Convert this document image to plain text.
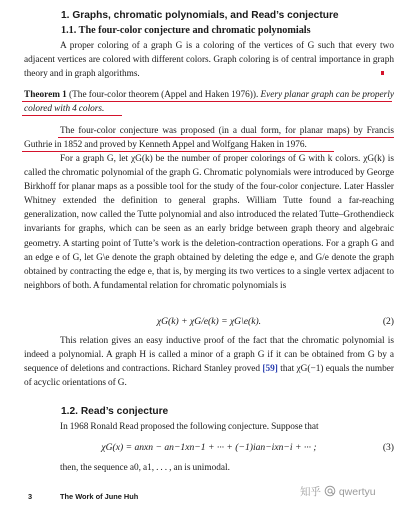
1. Graphs, chromatic polynomials, and Read’s conjecture
1.1. The four-color conjecture and chromatic polynomials
A proper coloring of a graph G is a coloring of the vertices of G such that every two adjacent vertices are colored with different colors. Graph coloring is of central importance in graph theory and in graph algorithms.
Theorem 1 (The four-color theorem (Appel and Haken 1976)). Every planar graph can be properly colored with 4 colors.
The four-color conjecture was proposed (in a dual form, for planar maps) by Francis Guthrie in 1852 and proved by Kenneth Appel and Wolfgang Haken in 1976.
For a graph G, let χG(k) be the number of proper colorings of G with k colors. χG(k) is called the chromatic polynomial of the graph G. Chromatic polynomials were introduced by George Birkhoff for planar maps as a possible tool for the study of the four-color conjecture. Later Hassler Whitney extended the definition to general graphs. William Tutte found a far-reaching generalization, now called the Tutte polynomial and also introduced the related Tutte–Grothendieck invariants for graphs, which can be seen as an early bridge between graph theory and algebraic geometry. A starting point of Tutte’s work is the deletion-contraction operations. For a graph G and an edge e of G, let G\e denote the graph obtained by deleting the edge e, and G/e denote the graph obtained by contracting the edge e, that is, by merging its two vertices to a single vertex adjacent to neighbors of both. A fundamental relation for chromatic polynomials is
χG(k) + χG/e(k) = χG\e(k).	(2)
This relation gives an easy inductive proof of the fact that the chromatic polynomial is indeed a polynomial. A graph H is called a minor of a graph G if it can be obtained from G by a sequence of deletions and contractions. Richard Stanley proved [59] that χG(−1) equals the number of acyclic orientations of G.
1.2. Read’s conjecture
In 1968 Ronald Read proposed the following conjecture. Suppose that
χG(x) = anxn − an−1xn−1 + ··· + (−1)ian−ixn−i + ··· ;	(3)
then, the sequence a0, a1, . . . , an is unimodal.
3	The Work of June Huh	知乎 qwertyu
